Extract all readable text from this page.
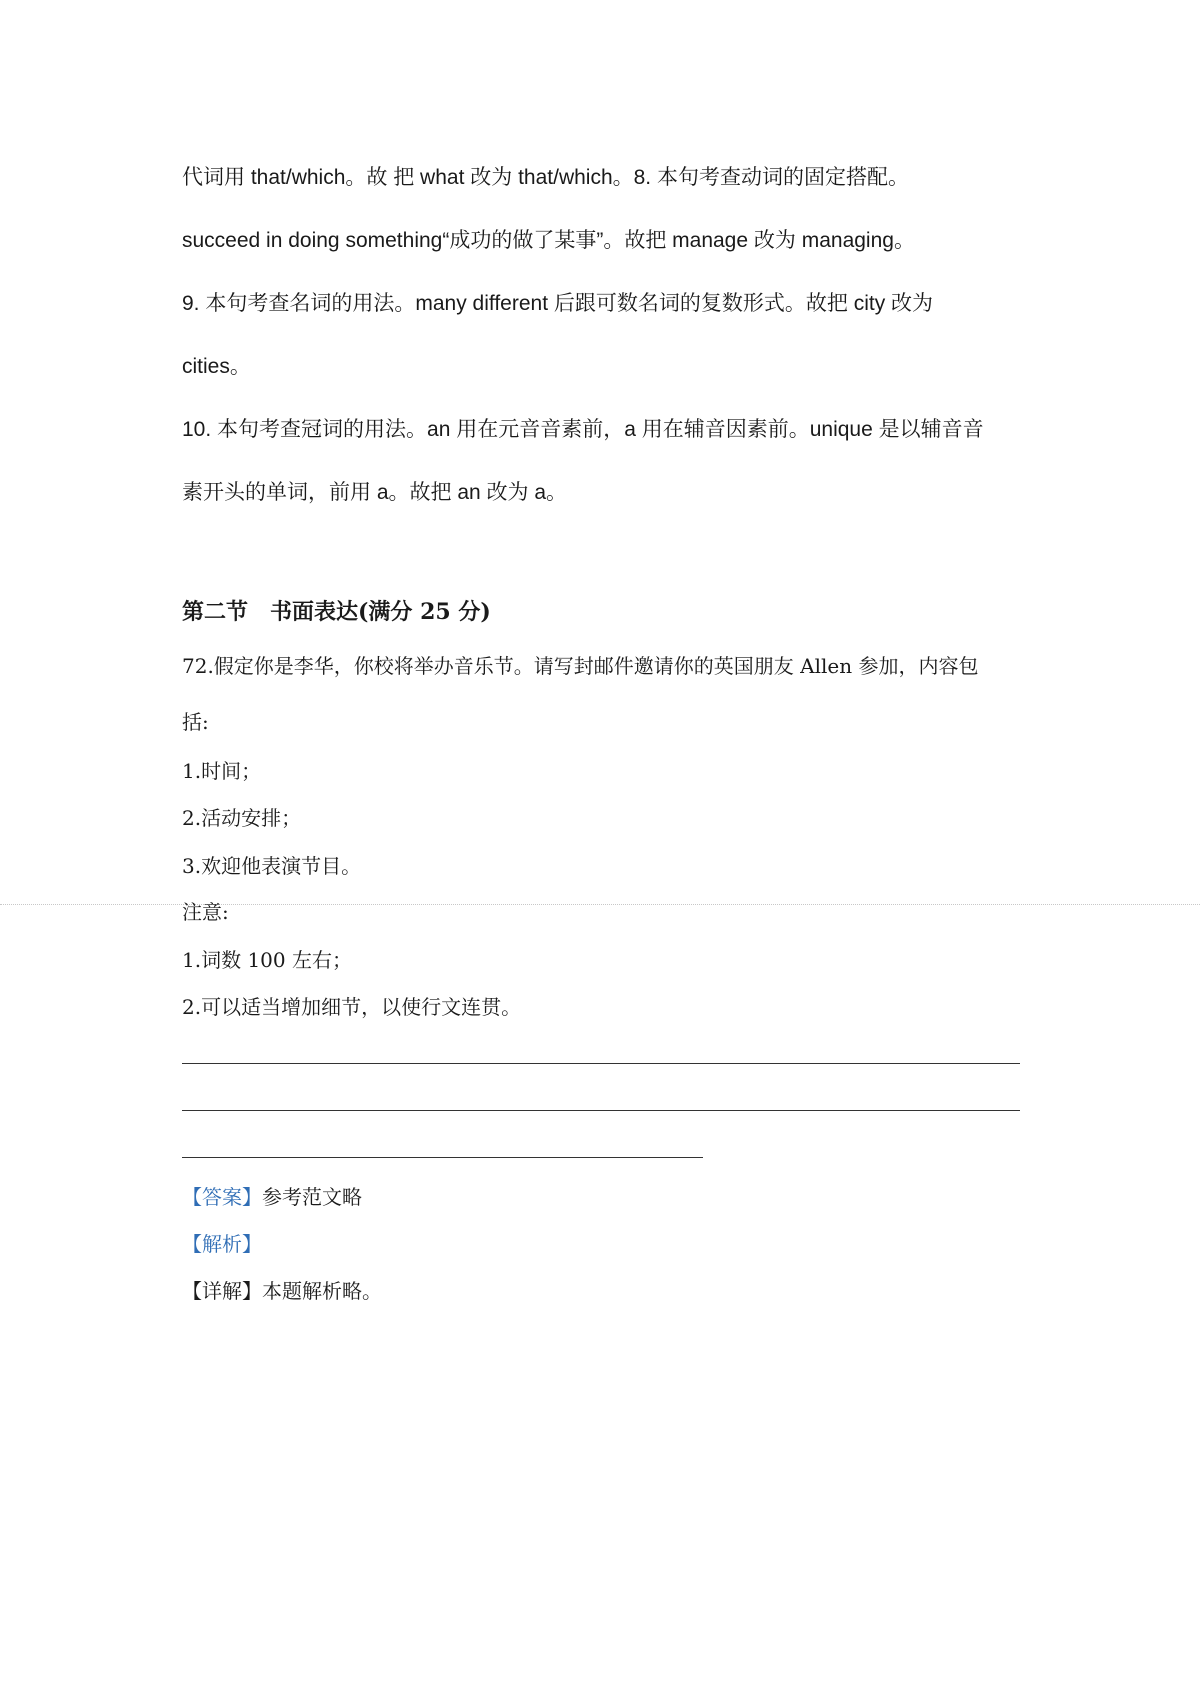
代词用 that/which。故 把 what 改为 that/which。8. 本句考查动词的固定搭配。
succeed in doing something“成功的做了某事”。故把 manage 改为 managing。
9. 本句考查名词的用法。many different 后跟可数名词的复数形式。故把 city 改为
cities。
10. 本句考查冠词的用法。an 用在元音音素前，a 用在辅音因素前。unique 是以辅音音
素开头的单词，前用 a。故把 an 改为 a。
第二节　书面表达(满分 25 分)
72.假定你是李华，你校将举办音乐节。请写封邮件邀请你的英国朋友 Allen 参加，内容包
括:
1.时间；
2.活动安排；
3.欢迎他表演节目。
注意:
1.词数 100 左右；
2.可以适当增加细节，以使行文连贯。
【答案】参考范文略
【解析】
【详解】本题解析略。
